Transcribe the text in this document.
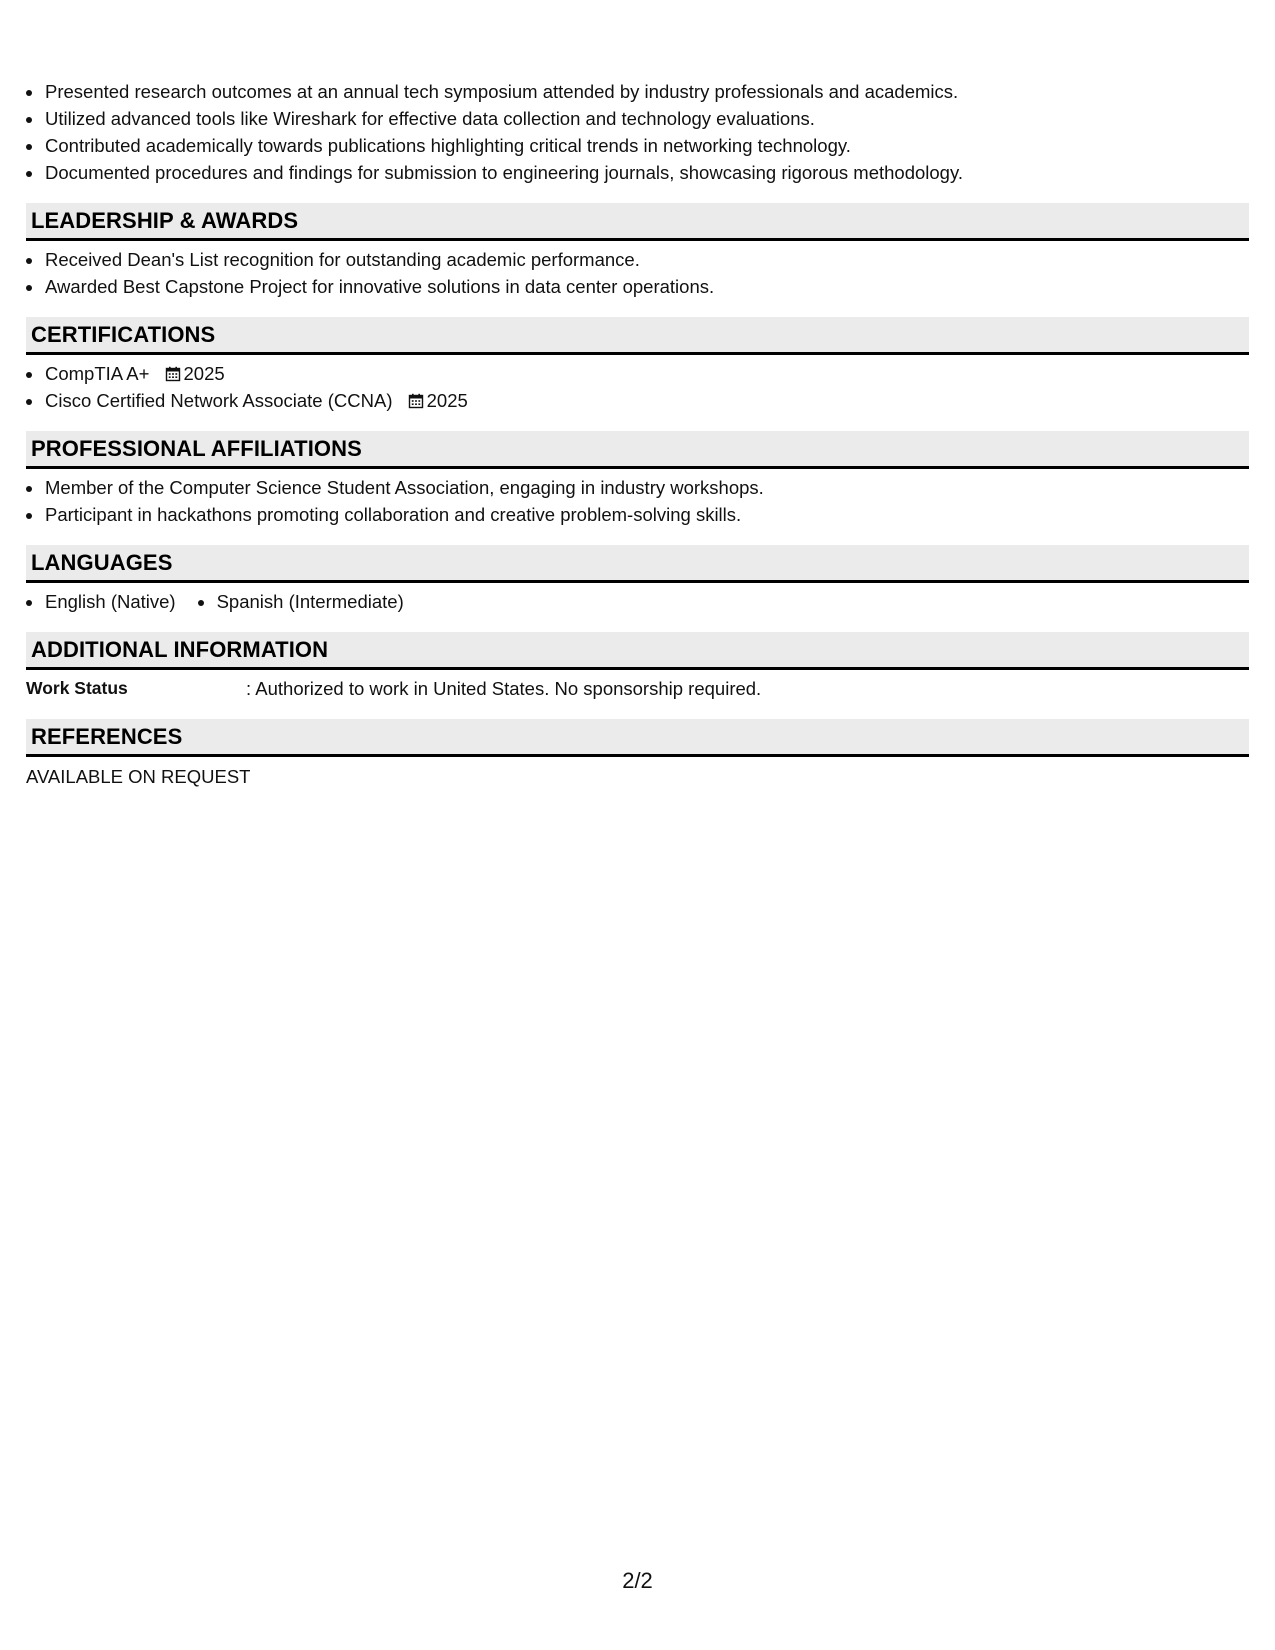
• Presented research outcomes at an annual tech symposium attended by industry professionals and academics.
• Utilized advanced tools like Wireshark for effective data collection and technology evaluations.
• Contributed academically towards publications highlighting critical trends in networking technology.
• Documented procedures and findings for submission to engineering journals, showcasing rigorous methodology.
LEADERSHIP & AWARDS
• Received Dean's List recognition for outstanding academic performance.
• Awarded Best Capstone Project for innovative solutions in data center operations.
CERTIFICATIONS
• CompTIA A+ 2025
• Cisco Certified Network Associate (CCNA) 2025
PROFESSIONAL AFFILIATIONS
• Member of the Computer Science Student Association, engaging in industry workshops.
• Participant in hackathons promoting collaboration and creative problem-solving skills.
LANGUAGES
• English (Native)
• Spanish (Intermediate)
ADDITIONAL INFORMATION
Work Status	: Authorized to work in United States. No sponsorship required.
REFERENCES
AVAILABLE ON REQUEST
2/2
